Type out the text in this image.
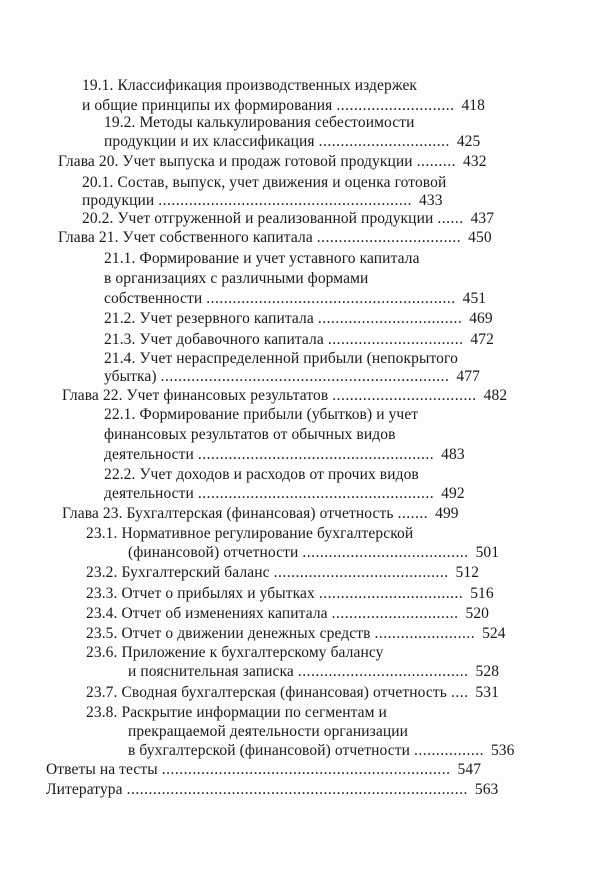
19.1. Классификация производственных издержек
и общие принципы их формирования ........................... 418
19.2. Методы калькулирования себестоимости
продукции и их классификация .............................. 425
Глава 20. Учет выпуска и продаж готовой продукции ......... 432
20.1. Состав, выпуск, учет движения и оценка готовой
продукции .......................................................... 433
20.2. Учет отгруженной и реализованной продукции ...... 437
Глава 21. Учет собственного капитала ................................. 450
21.1. Формирование и учет уставного капитала
в организациях с различными формами
собственности ......................................................... 451
21.2. Учет резервного капитала ................................. 469
21.3. Учет добавочного капитала ............................... 472
21.4. Учет нераспределенной прибыли (непокрытого
убытка) .................................................................. 477
Глава 22. Учет финансовых результатов ................................. 482
22.1. Формирование прибыли (убытков) и учет
финансовых результатов от обычных видов
деятельности ...................................................... 483
22.2. Учет доходов и расходов от прочих видов
деятельности ...................................................... 492
Глава 23. Бухгалтерская (финансовая) отчетность ....... 499
23.1. Нормативное регулирование бухгалтерской
(финансовой) отчетности ...................................... 501
23.2. Бухгалтерский баланс ........................................ 512
23.3. Отчет о прибылях и убытках ................................. 516
23.4. Отчет об изменениях капитала ............................. 520
23.5. Отчет о движении денежных средств ....................... 524
23.6. Приложение к бухгалтерскому балансу
и пояснительная записка ....................................... 528
23.7. Сводная бухгалтерская (финансовая) отчетность .... 531
23.8. Раскрытие информации по сегментам и
прекращаемой деятельности организации
в бухгалтерской (финансовой) отчетности ................ 536
Ответы на тесты .................................................................. 547
Литература .............................................................................. 563
